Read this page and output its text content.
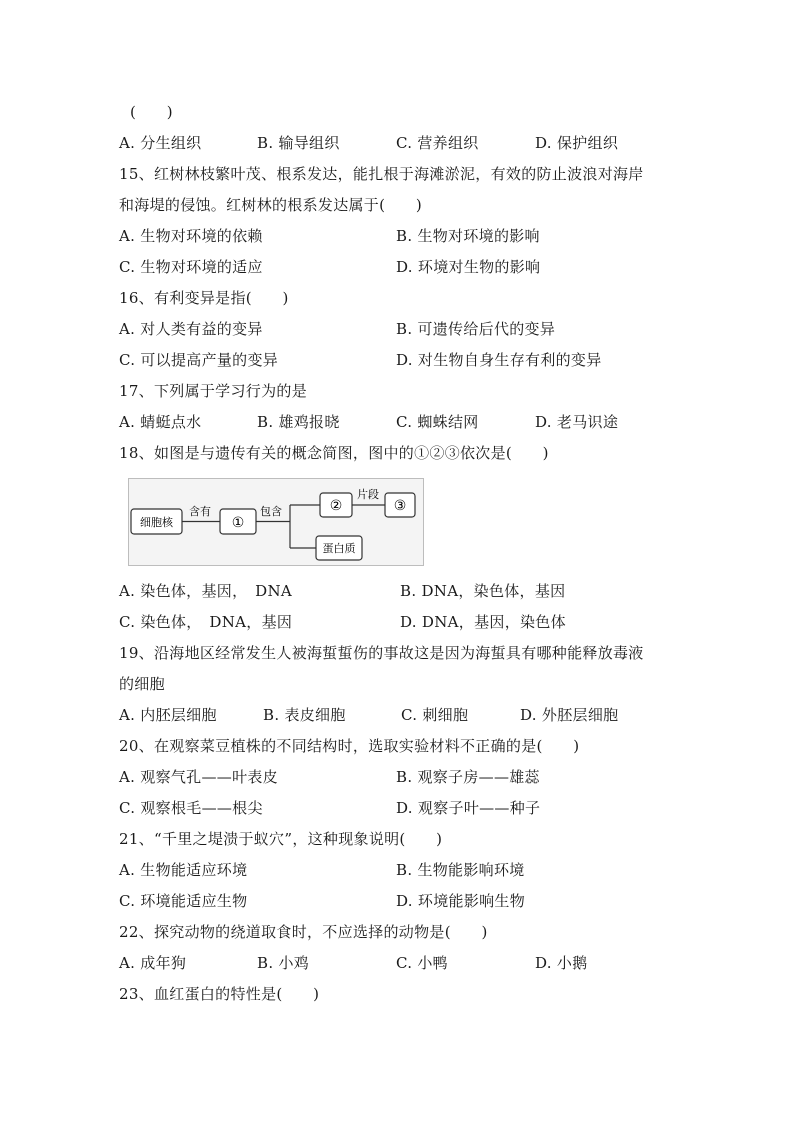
(　　)
A. 分生组织	B. 输导组织	C. 营养组织	D. 保护组织
15、红树林枝繁叶茂、根系发达，能扎根于海滩淤泥，有效的防止波浪对海岸
和海堤的侵蚀。红树林的根系发达属于(　　)
A. 生物对环境的依赖	B. 生物对环境的影响
C. 生物对环境的适应	D. 环境对生物的影响
16、有利变异是指(　　)
A. 对人类有益的变异	B. 可遗传给后代的变异
C. 可以提高产量的变异	D. 对生物自身生存有利的变异
17、下列属于学习行为的是
A. 蜻蜓点水	B. 雄鸡报晓	C. 蜘蛛结网	D. 老马识途
18、如图是与遗传有关的概念简图，图中的①②③依次是(　　)
细胞核
含有
①
包含	②
片段
③
蛋白质
A. 染色体，基因，　DNA	B. DNA，染色体，基因
C. 染色体，　DNA，基因	D. DNA，基因，染色体
19、沿海地区经常发生人被海蜇蜇伤的事故这是因为海蜇具有哪种能释放毒液
的细胞
A. 内胚层细胞	B. 表皮细胞	C. 刺细胞	D. 外胚层细胞
20、在观察菜豆植株的不同结构时，选取实验材料不正确的是(　　)
A. 观察气孔——叶表皮	B. 观察子房——雄蕊
C. 观察根毛——根尖	D. 观察子叶——种子
21、“千里之堤溃于蚁穴”，这种现象说明(　　)
A. 生物能适应环境	B. 生物能影响环境
C. 环境能适应生物	D. 环境能影响生物
22、探究动物的绕道取食时，不应选择的动物是(　　)
A. 成年狗	B. 小鸡	C. 小鸭	D. 小鹅
23、血红蛋白的特性是(　　)
